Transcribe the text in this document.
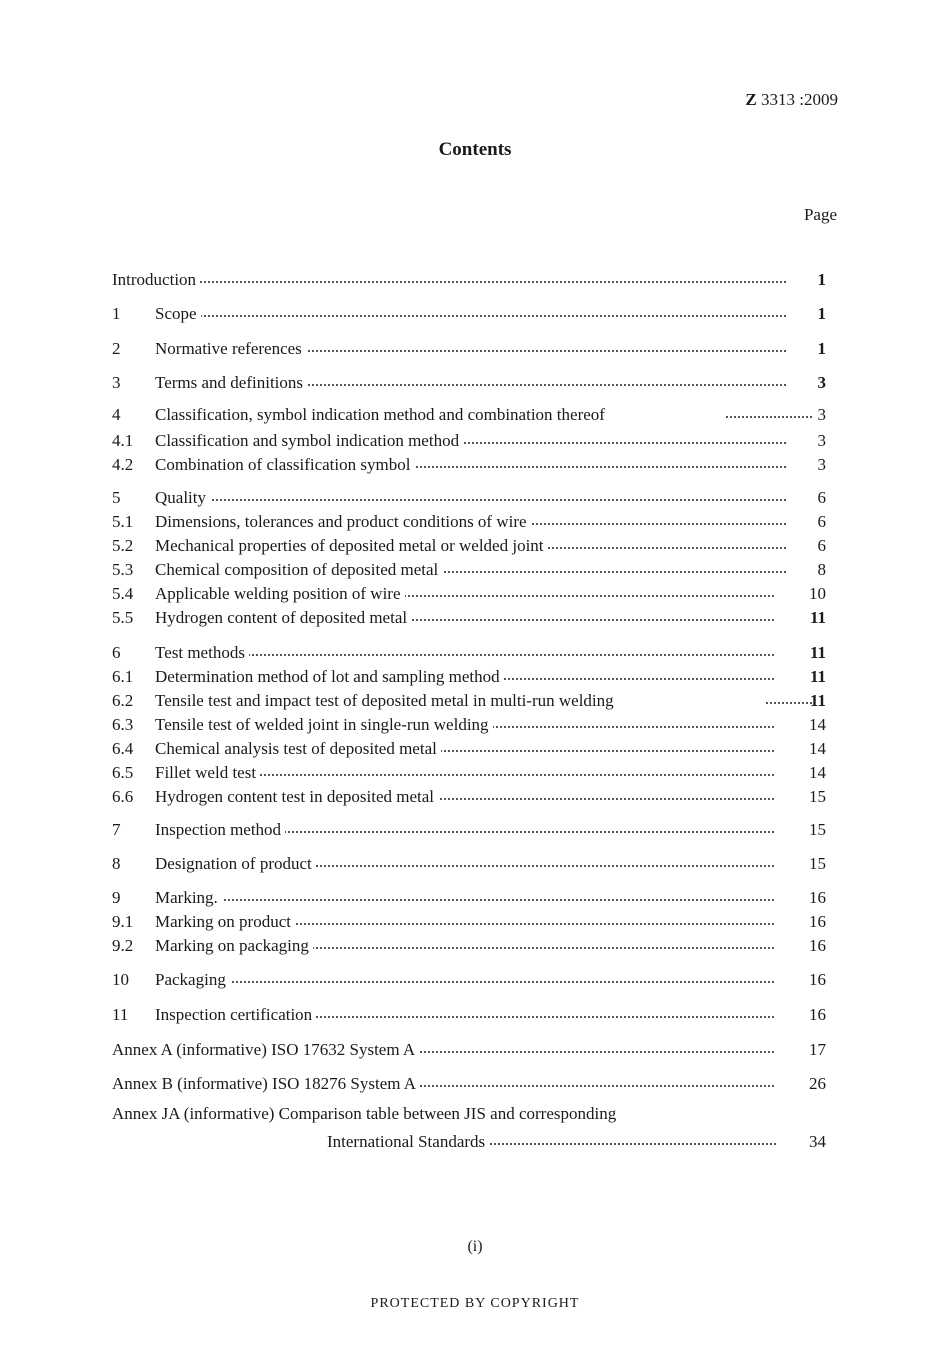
Z 3313 :2009
Contents
Page
Introduction	1
1 Scope	1
2 Normative references	1
3 Terms and definitions	3
4 Classification, symbol indication method and combination thereof	3
4.1 Classification and symbol indication method	3
4.2 Combination of classification symbol	3
5 Quality	6
5.1 Dimensions, tolerances and product conditions of wire	6
5.2 Mechanical properties of deposited metal or welded joint	6
5.3 Chemical composition of deposited metal	8
5.4 Applicable welding position of wire	10
5.5 Hydrogen content of deposited metal	11
6 Test methods	11
6.1 Determination method of lot and sampling method	11
6.2 Tensile test and impact test of deposited metal in multi-run welding	11
6.3 Tensile test of welded joint in single-run welding	14
6.4 Chemical analysis test of deposited metal	14
6.5 Fillet weld test	14
6.6 Hydrogen content test in deposited metal	15
7 Inspection method	15
8 Designation of product	15
9 Marking.	16
9.1 Marking on product	16
9.2 Marking on packaging	16
10 Packaging	16
11 Inspection certification	16
Annex A (informative) ISO 17632 System A	17
Annex B (informative) ISO 18276 System A	26
Annex JA (informative) Comparison table between JIS and corresponding
International Standards	34
(i)
PROTECTED BY COPYRIGHT
